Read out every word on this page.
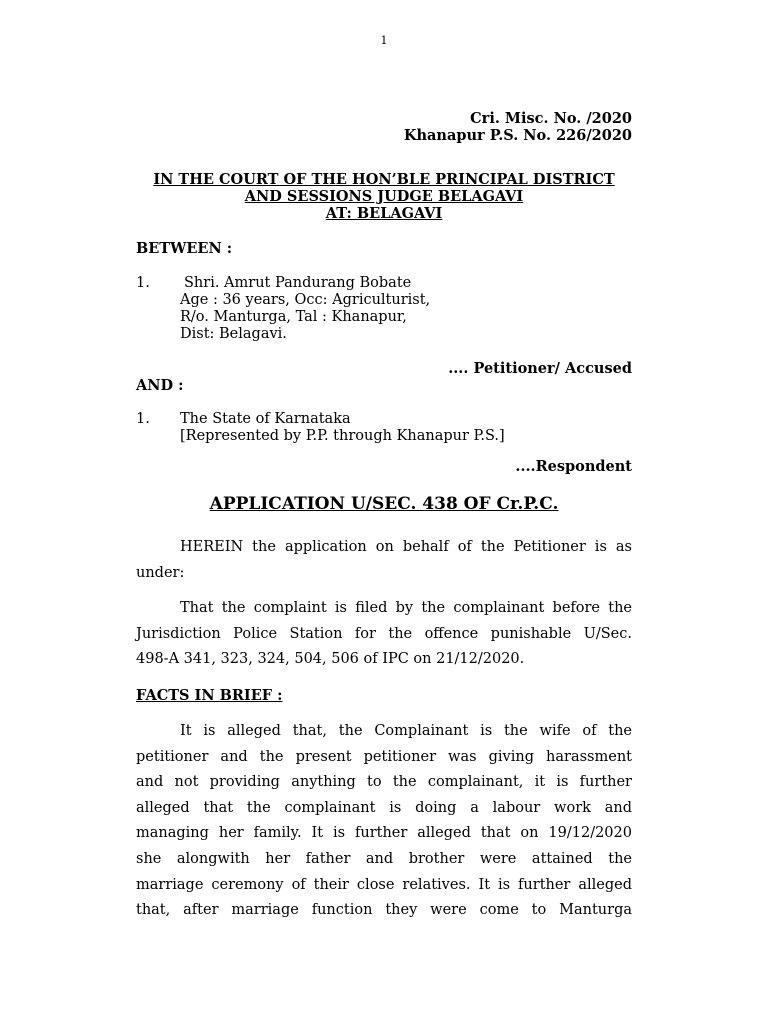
1
Cri. Misc. No. /2020
Khanapur P.S. No. 226/2020
IN THE COURT OF THE HON’BLE PRINCIPAL DISTRICT
AND SESSIONS JUDGE BELAGAVI
AT: BELAGAVI
BETWEEN :
1. Shri. Amrut Pandurang Bobate
Age : 36 years, Occ: Agriculturist,
R/o. Manturga, Tal : Khanapur,
Dist: Belagavi.
.... Petitioner/ Accused
AND :
1. The State of Karnataka
[Represented by P.P. through Khanapur P.S.]
....Respondent
APPLICATION U/SEC. 438 OF Cr.P.C.
HEREIN the application on behalf of the Petitioner is as
under:
That the complaint is filed by the complainant before the
Jurisdiction Police Station for the offence punishable U/Sec.
498-A 341, 323, 324, 504, 506 of IPC on 21/12/2020.
FACTS IN BRIEF :
It is alleged that, the Complainant is the wife of the
petitioner and the present petitioner was giving harassment
and not providing anything to the complainant, it is further
alleged that the complainant is doing a labour work and
managing her family. It is further alleged that on 19/12/2020
she alongwith her father and brother were attained the
marriage ceremony of their close relatives. It is further alleged
that, after marriage function they were come to Manturga
